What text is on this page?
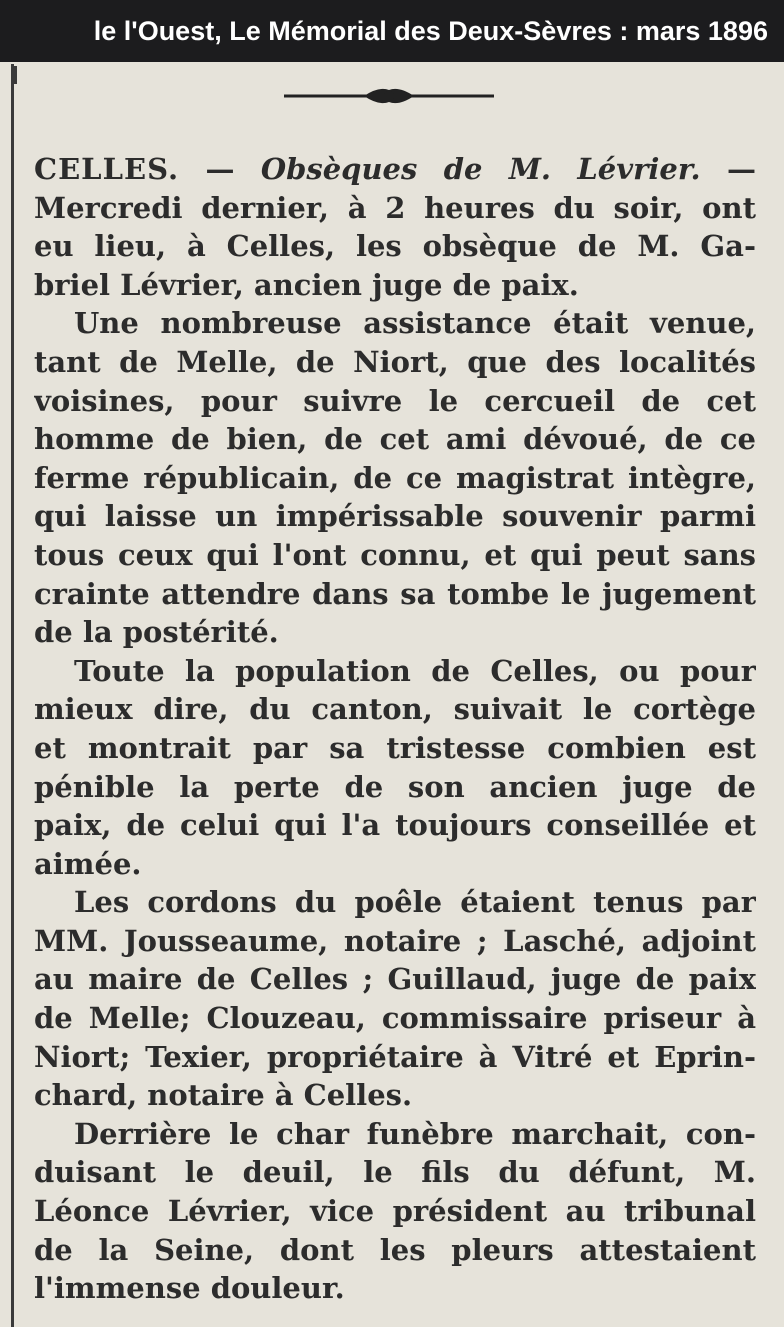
le l'Ouest, Le Mémorial des Deux-Sèvres : mars 1896
CELLES. — Obsèques de M. Lévrier. —
Mercredi dernier, à 2 heures du soir, ont
eu lieu, à Celles, les obsèque de M. Ga-
briel Lévrier, ancien juge de paix.
Une nombreuse assistance était venue,
tant de Melle, de Niort, que des localités
voisines, pour suivre le cercueil de cet
homme de bien, de cet ami dévoué, de ce
ferme républicain, de ce magistrat intègre,
qui laisse un impérissable souvenir parmi
tous ceux qui l'ont connu, et qui peut sans
crainte attendre dans sa tombe le jugement
de la postérité.
Toute la population de Celles, ou pour
mieux dire, du canton, suivait le cortège
et montrait par sa tristesse combien est
pénible la perte de son ancien juge de
paix, de celui qui l'a toujours conseillée et
aimée.
Les cordons du poêle étaient tenus par
MM. Jousseaume, notaire ; Lasché, adjoint
au maire de Celles ; Guillaud, juge de paix
de Melle; Clouzeau, commissaire priseur à
Niort; Texier, propriétaire à Vitré et Eprin-
chard, notaire à Celles.
Derrière le char funèbre marchait, con-
duisant le deuil, le fils du défunt, M.
Léonce Lévrier, vice président au tribunal
de la Seine, dont les pleurs attestaient
l'immense douleur.
